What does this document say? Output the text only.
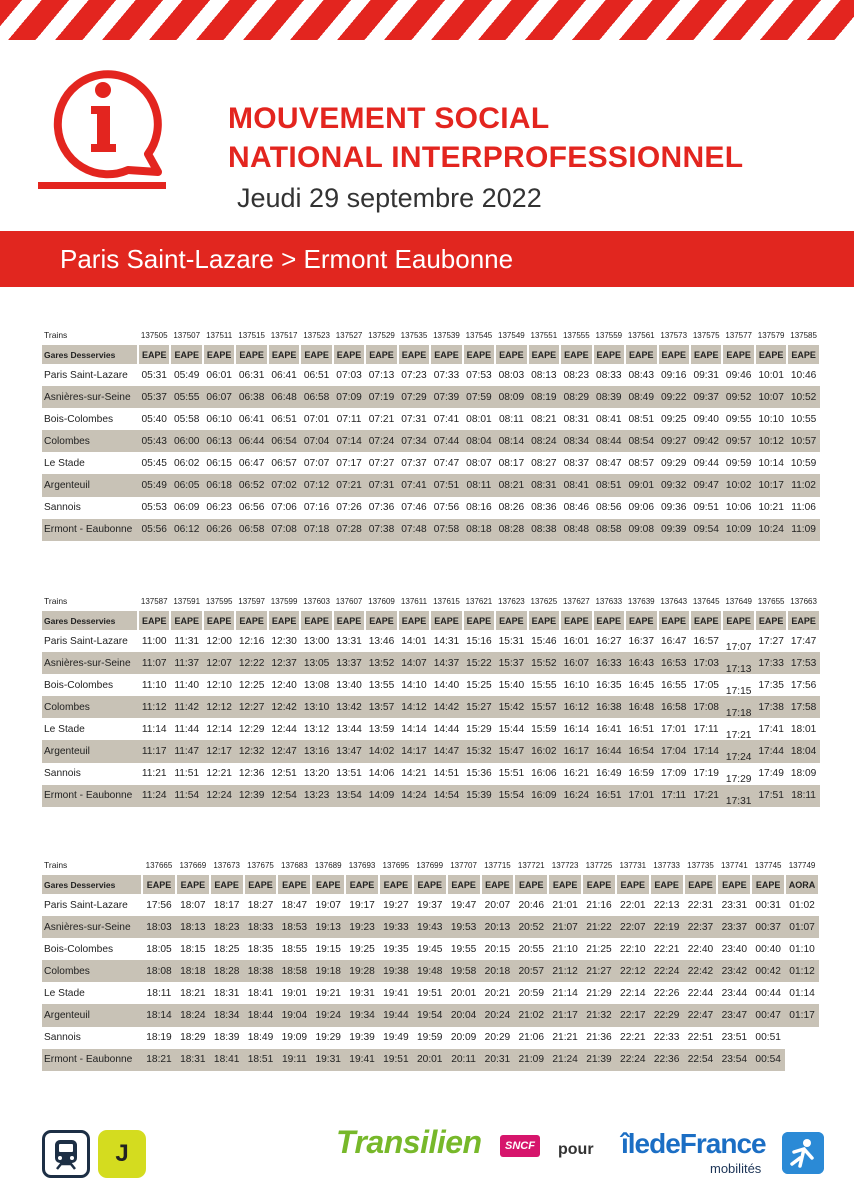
MOUVEMENT SOCIAL
NATIONAL INTERPROFESSIONNEL
Jeudi 29 septembre 2022
Paris Saint-Lazare > Ermont Eaubonne
Trains	137505	137507	137511	137515	137517	137523	137527	137529	137535	137539	137545	137549	137551	137555	137559	137561	137573	137575	137577	137579	137585
Gares Desservies	EAPE	EAPE	EAPE	EAPE	EAPE	EAPE	EAPE	EAPE	EAPE	EAPE	EAPE	EAPE	EAPE	EAPE	EAPE	EAPE	EAPE	EAPE	EAPE	EAPE	EAPE
Paris Saint-Lazare	05:31	05:49	06:01	06:31	06:41	06:51	07:03	07:13	07:23	07:33	07:53	08:03	08:13	08:23	08:33	08:43	09:16	09:31	09:46	10:01	10:46
Asnières-sur-Seine	05:37	05:55	06:07	06:38	06:48	06:58	07:09	07:19	07:29	07:39	07:59	08:09	08:19	08:29	08:39	08:49	09:22	09:37	09:52	10:07	10:52
Bois-Colombes	05:40	05:58	06:10	06:41	06:51	07:01	07:11	07:21	07:31	07:41	08:01	08:11	08:21	08:31	08:41	08:51	09:25	09:40	09:55	10:10	10:55
Colombes	05:43	06:00	06:13	06:44	06:54	07:04	07:14	07:24	07:34	07:44	08:04	08:14	08:24	08:34	08:44	08:54	09:27	09:42	09:57	10:12	10:57
Le Stade	05:45	06:02	06:15	06:47	06:57	07:07	07:17	07:27	07:37	07:47	08:07	08:17	08:27	08:37	08:47	08:57	09:29	09:44	09:59	10:14	10:59
Argenteuil	05:49	06:05	06:18	06:52	07:02	07:12	07:21	07:31	07:41	07:51	08:11	08:21	08:31	08:41	08:51	09:01	09:32	09:47	10:02	10:17	11:02
Sannois	05:53	06:09	06:23	06:56	07:06	07:16	07:26	07:36	07:46	07:56	08:16	08:26	08:36	08:46	08:56	09:06	09:36	09:51	10:06	10:21	11:06
Ermont - Eaubonne	05:56	06:12	06:26	06:58	07:08	07:18	07:28	07:38	07:48	07:58	08:18	08:28	08:38	08:48	08:58	09:08	09:39	09:54	10:09	10:24	11:09
Trains	137587	137591	137595	137597	137599	137603	137607	137609	137611	137615	137621	137623	137625	137627	137633	137639	137643	137645	137649	137655	137663
Gares Desservies	EAPE	EAPE	EAPE	EAPE	EAPE	EAPE	EAPE	EAPE	EAPE	EAPE	EAPE	EAPE	EAPE	EAPE	EAPE	EAPE	EAPE	EAPE	EAPE	EAPE	EAPE
Paris Saint-Lazare	11:00	11:31	12:00	12:16	12:30	13:00	13:31	13:46	14:01	14:31	15:16	15:31	15:46	16:01	16:27	16:37	16:47	16:57	17:07	17:27	17:47
Asnières-sur-Seine	11:07	11:37	12:07	12:22	12:37	13:05	13:37	13:52	14:07	14:37	15:22	15:37	15:52	16:07	16:33	16:43	16:53	17:03	17:13	17:33	17:53
Bois-Colombes	11:10	11:40	12:10	12:25	12:40	13:08	13:40	13:55	14:10	14:40	15:25	15:40	15:55	16:10	16:35	16:45	16:55	17:05	17:15	17:35	17:56
Colombes	11:12	11:42	12:12	12:27	12:42	13:10	13:42	13:57	14:12	14:42	15:27	15:42	15:57	16:12	16:38	16:48	16:58	17:08	17:18	17:38	17:58
Le Stade	11:14	11:44	12:14	12:29	12:44	13:12	13:44	13:59	14:14	14:44	15:29	15:44	15:59	16:14	16:41	16:51	17:01	17:11	17:21	17:41	18:01
Argenteuil	11:17	11:47	12:17	12:32	12:47	13:16	13:47	14:02	14:17	14:47	15:32	15:47	16:02	16:17	16:44	16:54	17:04	17:14	17:24	17:44	18:04
Sannois	11:21	11:51	12:21	12:36	12:51	13:20	13:51	14:06	14:21	14:51	15:36	15:51	16:06	16:21	16:49	16:59	17:09	17:19	17:29	17:49	18:09
Ermont - Eaubonne	11:24	11:54	12:24	12:39	12:54	13:23	13:54	14:09	14:24	14:54	15:39	15:54	16:09	16:24	16:51	17:01	17:11	17:21	17:31	17:51	18:11
Trains	137665	137669	137673	137675	137683	137689	137693	137695	137699	137707	137715	137721	137723	137725	137731	137733	137735	137741	137745	137749
Gares Desservies	EAPE	EAPE	EAPE	EAPE	EAPE	EAPE	EAPE	EAPE	EAPE	EAPE	EAPE	EAPE	EAPE	EAPE	EAPE	EAPE	EAPE	EAPE	EAPE	AORA
Paris Saint-Lazare	17:56	18:07	18:17	18:27	18:47	19:07	19:17	19:27	19:37	19:47	20:07	20:46	21:01	21:16	22:01	22:13	22:31	23:31	00:31	01:02
Asnières-sur-Seine	18:03	18:13	18:23	18:33	18:53	19:13	19:23	19:33	19:43	19:53	20:13	20:52	21:07	21:22	22:07	22:19	22:37	23:37	00:37	01:07
Bois-Colombes	18:05	18:15	18:25	18:35	18:55	19:15	19:25	19:35	19:45	19:55	20:15	20:55	21:10	21:25	22:10	22:21	22:40	23:40	00:40	01:10
Colombes	18:08	18:18	18:28	18:38	18:58	19:18	19:28	19:38	19:48	19:58	20:18	20:57	21:12	21:27	22:12	22:24	22:42	23:42	00:42	01:12
Le Stade	18:11	18:21	18:31	18:41	19:01	19:21	19:31	19:41	19:51	20:01	20:21	20:59	21:14	21:29	22:14	22:26	22:44	23:44	00:44	01:14
Argenteuil	18:14	18:24	18:34	18:44	19:04	19:24	19:34	19:44	19:54	20:04	20:24	21:02	21:17	21:32	22:17	22:29	22:47	23:47	00:47	01:17
Sannois	18:19	18:29	18:39	18:49	19:09	19:29	19:39	19:49	19:59	20:09	20:29	21:06	21:21	21:36	22:21	22:33	22:51	23:51	00:51	
Ermont - Eaubonne	18:21	18:31	18:41	18:51	19:11	19:31	19:41	19:51	20:01	20:11	20:31	21:09	21:24	21:39	22:24	22:36	22:54	23:54	00:54	
J	Transilien	SNCF	pour îledeFrance
mobilités
